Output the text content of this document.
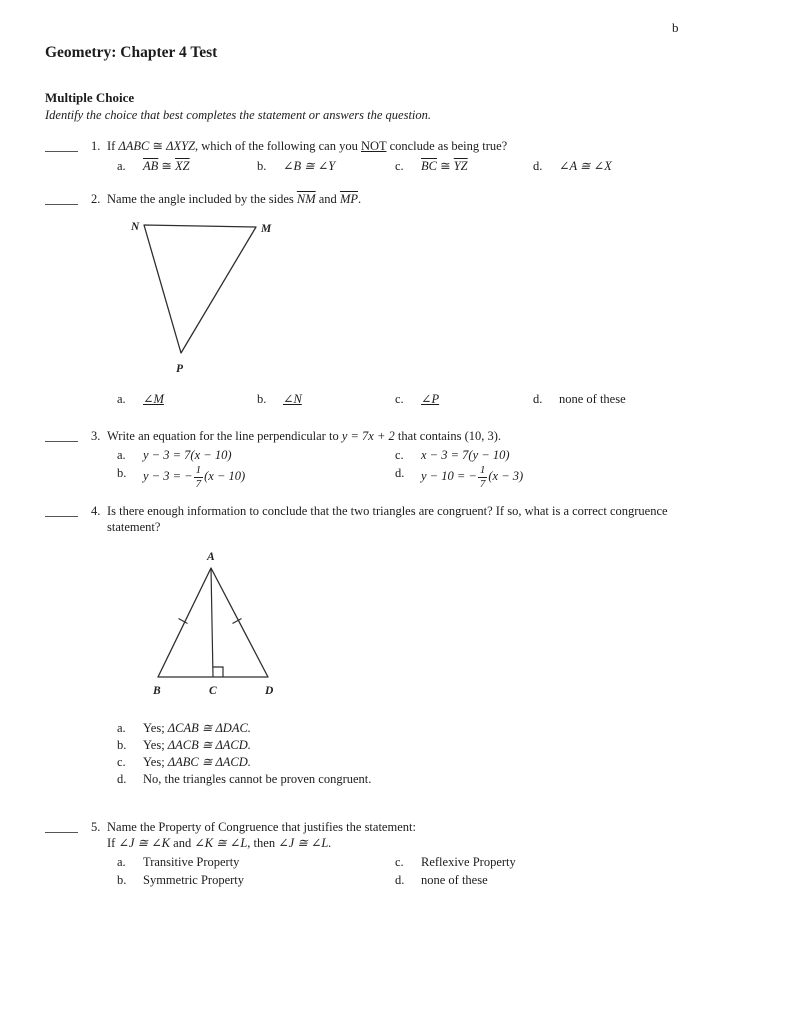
b
Geometry: Chapter 4 Test
Multiple Choice
Identify the choice that best completes the statement or answers the question.
1. If ΔABC ≅ ΔXYZ, which of the following can you NOT conclude as being true?
a.	$\overline{AB}$ ≅ $\overline{XZ}$	b.	∠B ≅ ∠Y	c.	$\overline{BC}$ ≅ $\overline{YZ}$	d.	∠A ≅ ∠X
2. Name the angle included by the sides $\overline{NM}$ and $\overline{MP}$.
N	M
P
a.	∠M	b.	∠N	c.	∠P	d.	none of these
3. Write an equation for the line perpendicular to y = 7x + 2 that contains (10, 3).
a.	y − 3 = 7(x − 10)	c.	x − 3 = 7(y − 10)
b.	y − 3 = − $\frac{1}{7} (x - 10)$	d.	y − 10 = − $\frac{1}{7} (x - 3)$
4. Is there enough information to conclude that the two triangles are congruent? If so, what is a correct congruence statement?
A
B	C	D
a.	Yes; ΔCAB ≅ ΔDAC.
b.	Yes; ΔACB ≅ ΔACD.
c.	Yes; ΔABC ≅ ΔACD.
d.	No, the triangles cannot be proven congruent.
5. Name the Property of Congruence that justifies the statement:
If ∠J ≅ ∠K and ∠K ≅ ∠L, then ∠J ≅ ∠L.
a.	Transitive Property	c.	Reflexive Property
b.	Symmetric Property	d.	none of these
